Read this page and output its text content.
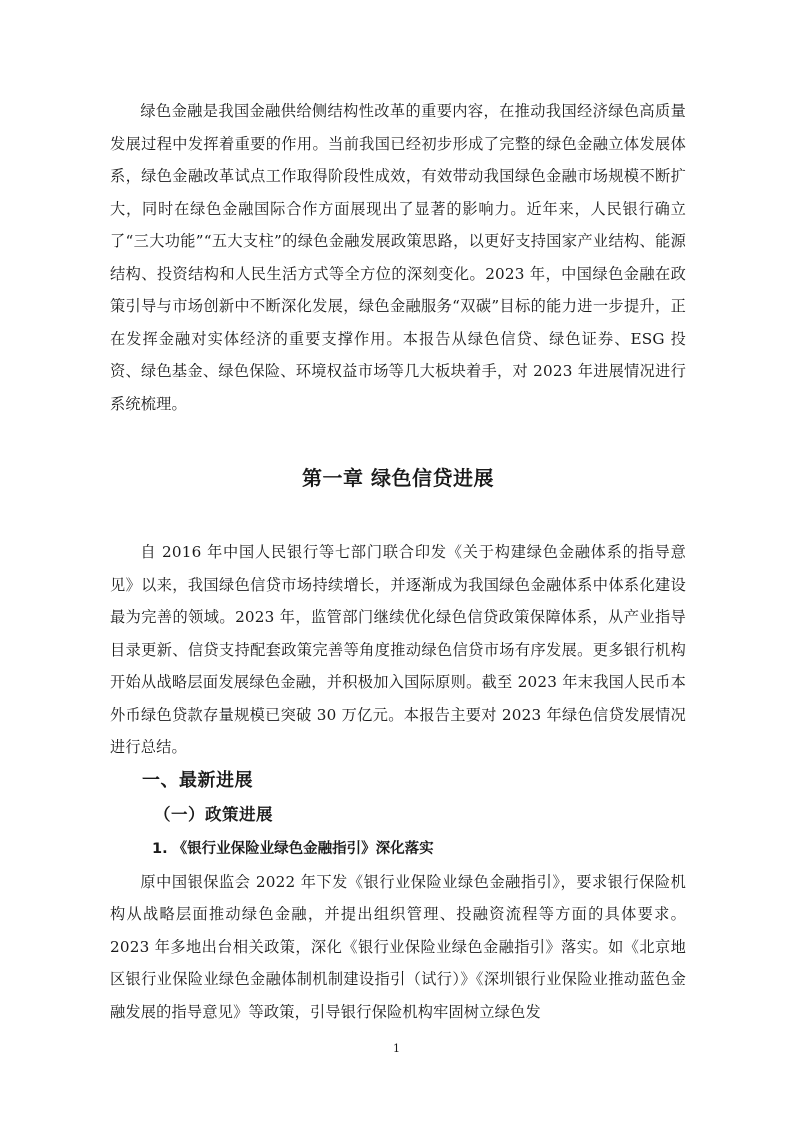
绿色金融是我国金融供给侧结构性改革的重要内容，在推动我国经济绿色高质量发展过程中发挥着重要的作用。当前我国已经初步形成了完整的绿色金融立体发展体系，绿色金融改革试点工作取得阶段性成效，有效带动我国绿色金融市场规模不断扩大，同时在绿色金融国际合作方面展现出了显著的影响力。近年来，人民银行确立了“三大功能”“五大支柱”的绿色金融发展政策思路，以更好支持国家产业结构、能源结构、投资结构和人民生活方式等全方位的深刻变化。2023 年，中国绿色金融在政策引导与市场创新中不断深化发展，绿色金融服务“双碳”目标的能力进一步提升，正在发挥金融对实体经济的重要支撑作用。本报告从绿色信贷、绿色证券、ESG 投资、绿色基金、绿色保险、环境权益市场等几大板块着手，对 2023 年进展情况进行系统梳理。

第一章 绿色信贷进展

自 2016 年中国人民银行等七部门联合印发《关于构建绿色金融体系的指导意见》以来，我国绿色信贷市场持续增长，并逐渐成为我国绿色金融体系中体系化建设最为完善的领域。2023 年，监管部门继续优化绿色信贷政策保障体系，从产业指导目录更新、信贷支持配套政策完善等角度推动绿色信贷市场有序发展。更多银行机构开始从战略层面发展绿色金融，并积极加入国际原则。截至 2023 年末我国人民币本外币绿色贷款存量规模已突破 30 万亿元。本报告主要对 2023 年绿色信贷发展情况进行总结。

一、最新进展
（一）政策进展
1. 《银行业保险业绿色金融指引》深化落实

原中国银保监会 2022 年下发《银行业保险业绿色金融指引》，要求银行保险机构从战略层面推动绿色金融，并提出组织管理、投融资流程等方面的具体要求。2023 年多地出台相关政策，深化《银行业保险业绿色金融指引》落实。如《北京地区银行业保险业绿色金融体制机制建设指引（试行）》《深圳银行业保险业推动蓝色金融发展的指导意见》等政策，引导银行保险机构牢固树立绿色发

1
